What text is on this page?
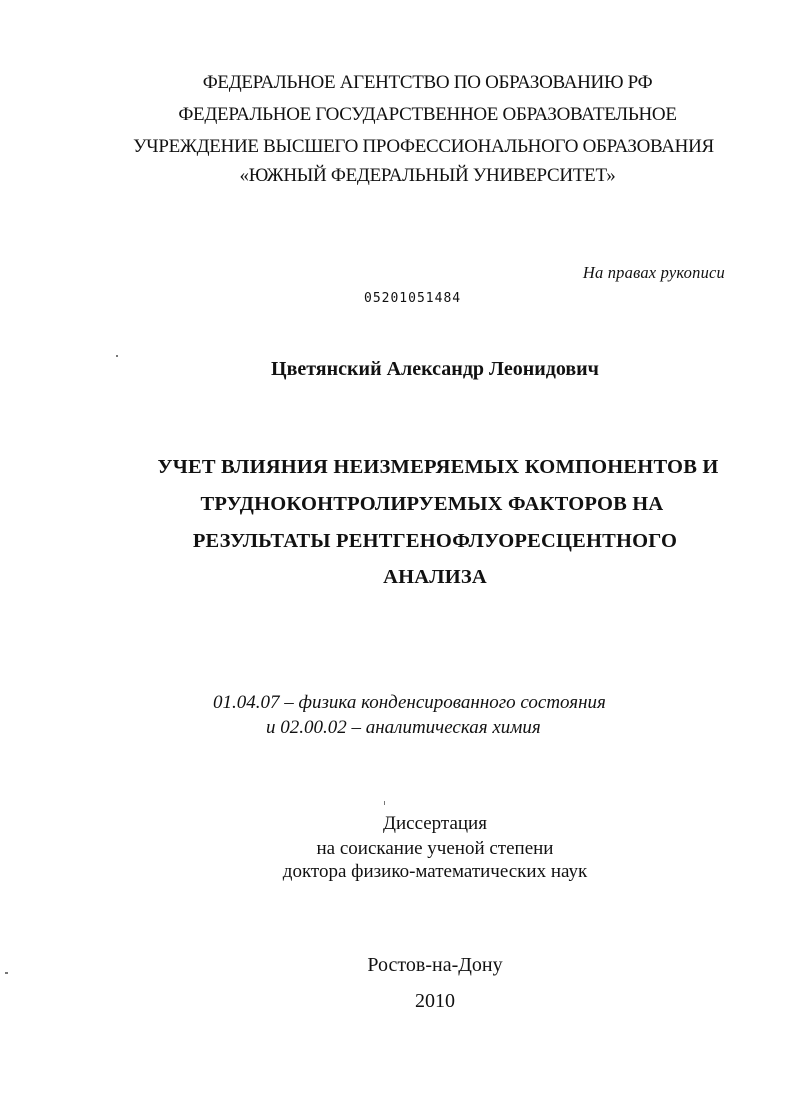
ФЕДЕРАЛЬНОЕ АГЕНТСТВО ПО ОБРАЗОВАНИЮ РФ
ФЕДЕРАЛЬНОЕ ГОСУДАРСТВЕННОЕ ОБРАЗОВАТЕЛЬНОЕ
УЧРЕЖДЕНИЕ ВЫСШЕГО ПРОФЕССИОНАЛЬНОГО ОБРАЗОВАНИЯ
«ЮЖНЫЙ ФЕДЕРАЛЬНЫЙ УНИВЕРСИТЕТ»
На правах рукописи
05201051484
Цветянский Александр Леонидович
УЧЕТ ВЛИЯНИЯ НЕИЗМЕРЯЕМЫХ КОМПОНЕНТОВ И
ТРУДНОКОНТРОЛИРУЕМЫХ ФАКТОРОВ НА
РЕЗУЛЬТАТЫ РЕНТГЕНОФЛУОРЕСЦЕНТНОГО
АНАЛИЗА
01.04.07 – физика конденсированного состояния
и 02.00.02 – аналитическая химия
Диссертация
на соискание ученой степени
доктора физико-математических наук
Ростов-на-Дону
2010
